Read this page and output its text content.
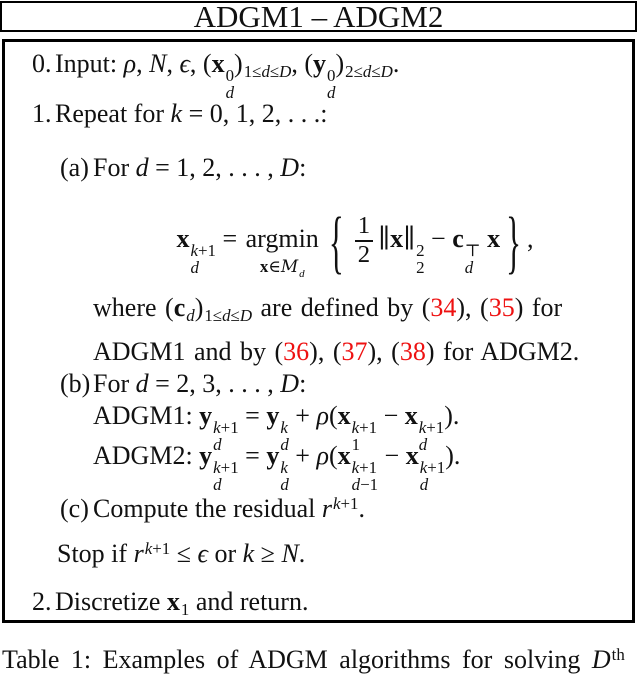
ADGM1 – ADGM2
0. Input: ρ, N, ϵ, (x 0
d
)1≤d≤D, (y 0
d
)2≤d≤D.
1. Repeat for k = 0, 1, 2, . . .:
(a) For d = 1, 2, . . . , D:
x k+1
d
= argmin
$x\in M_d$ { $\frac{1}{2}$ ∥x∥ 2
2
− c ⊤
d
x } ,
where (cd)1≤d≤D are defined by (34), (35) for
ADGM1 and by (36), (37), (38) for ADGM2.
(b) For d = 2, 3, . . . , D:
ADGM1: y k+1
d
= y k
d
+ ρ(x k+1
1
− x k+1
d
).
ADGM2: y k+1
d
= y k
d
+ ρ(x k+1
d−1
− x k+1
d
).
(c) Compute the residual $r^{k+1}$.
Stop if $r^{k+1} \le \epsilon$ or k ≥ N.
2. Discretize x1 and return.
Table 1: Examples of ADGM algorithms for solving Dth
